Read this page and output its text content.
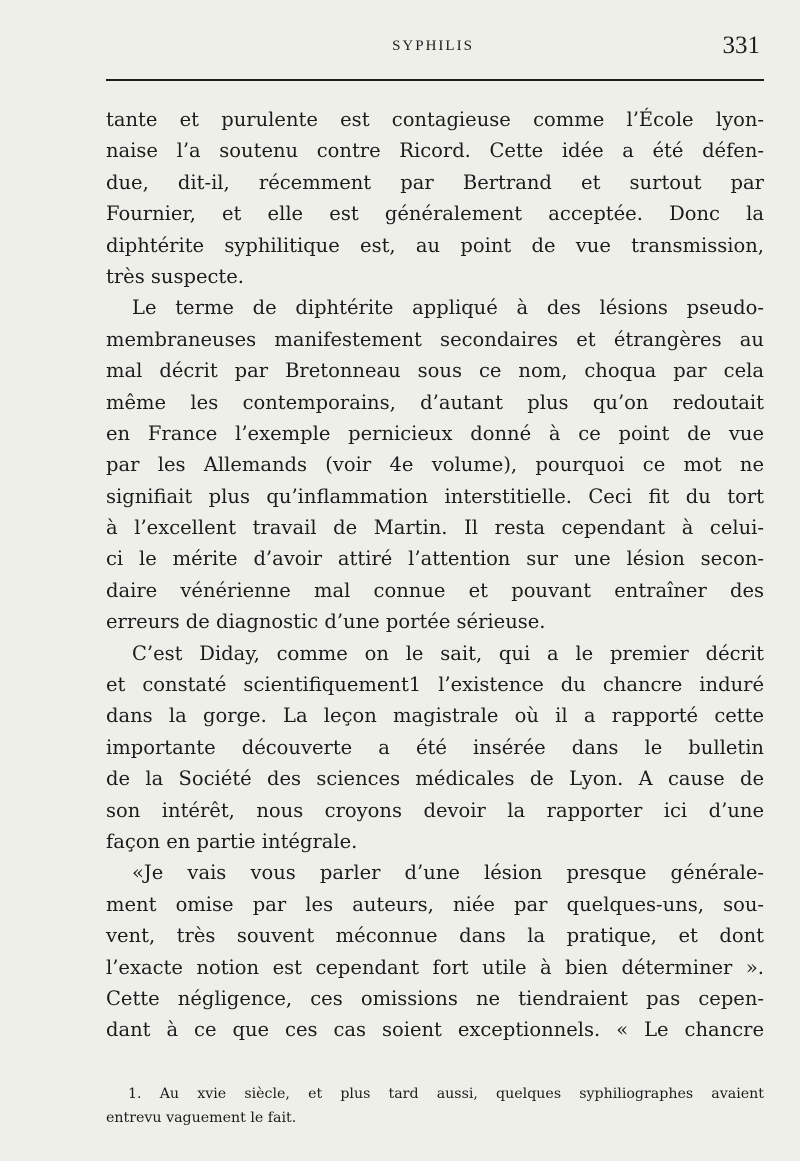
SYPHILIS	331
tante et purulente est contagieuse comme l’École lyon-
naise l’a soutenu contre Ricord. Cette idée a été défen-
due, dit-il, récemment par Bertrand et surtout par
Fournier, et elle est généralement acceptée. Donc la
diphtérite syphilitique est, au point de vue transmission,
très suspecte.
Le terme de diphtérite appliqué à des lésions pseudo-
membraneuses manifestement secondaires et étrangères au
mal décrit par Bretonneau sous ce nom, choqua par cela
même les contemporains, d’autant plus qu’on redoutait
en France l’exemple pernicieux donné à ce point de vue
par les Allemands (voir 4e volume), pourquoi ce mot ne
signifiait plus qu’inflammation interstitielle. Ceci fit du tort
à l’excellent travail de Martin. Il resta cependant à celui-
ci le mérite d’avoir attiré l’attention sur une lésion secon-
daire vénérienne mal connue et pouvant entraîner des
erreurs de diagnostic d’une portée sérieuse.
C’est Diday, comme on le sait, qui a le premier décrit
et constaté scientifiquement1 l’existence du chancre induré
dans la gorge. La leçon magistrale où il a rapporté cette
importante découverte a été insérée dans le bulletin
de la Société des sciences médicales de Lyon. A cause de
son intérêt, nous croyons devoir la rapporter ici d’une
façon en partie intégrale.
«Je vais vous parler d’une lésion presque générale-
ment omise par les auteurs, niée par quelques-uns, sou-
vent, très souvent méconnue dans la pratique, et dont
l’exacte notion est cependant fort utile à bien déterminer ».
Cette négligence, ces omissions ne tiendraient pas cepen-
dant à ce que ces cas soient exceptionnels. « Le chancre
1. Au xvie siècle, et plus tard aussi, quelques syphiliographes avaient
entrevu vaguement le fait.
